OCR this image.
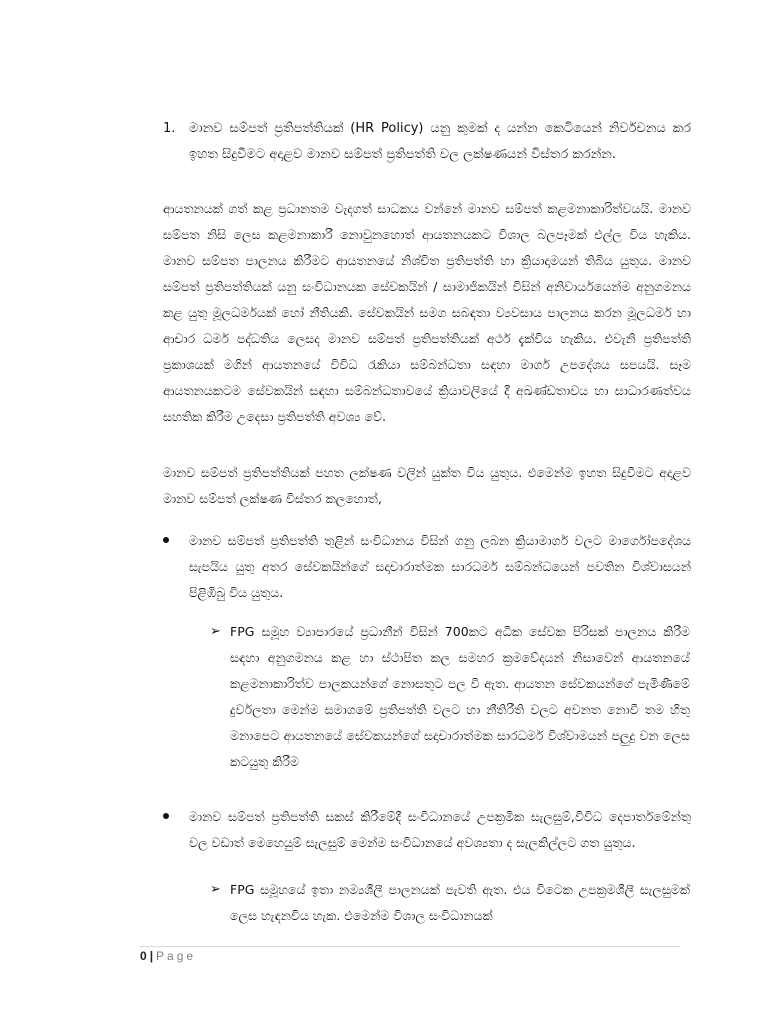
1. මානව සම්පත් ප්‍රතිපත්තියක් (HR Policy) යනු කුමක් ද යන්න කෙටියෙන් නිර්වචනය කර ඉහත සිදුවීමට අදාළව මානව සම්පත් ප්‍රතිපත්ති වල ලක්ෂණයන් විස්තර කරන්න.
ආයතනයක් ගත් කළ ප්‍රධානතම වැදගත් සාධකය වන්නේ මානව සම්පත් කළමනාකාරිත්වයයි. මානව සම්පත නිසි ලෙස කළමනාකාරී නොවුනහොත් ආයතනයකට විශාල බලපෑමක් එල්ල විය හැකිය. මානව සම්පත පාලනය කිරීමට ආයතනයේ නිශ්චිත ප්‍රතිපත්ති හා ක්‍රියාදාමයන් තිබිය යුතුය. මානව සම්පත් ප්‍රතිපත්තියක් යනු සංවිධානයක සේවකයින් / සාමාජිකයින් විසින් අනිවාර්යයෙන්ම අනුගමනය කළ යුතු මූලධර්මයක් හෝ නීතියකි. සේවකයින් සමග සබඳතා ව්‍යවසාය පාලනය කරන මූලධර්ම හා ආචාර ධර්ම පද්ධතිය ලෙසද මානව සම්පත් ප්‍රතිපත්තියක් අර්ථ දැක්විය හැකිය. එවැනි ප්‍රතිපත්ති ප්‍රකාශයක් මගින් ආයතනයේ විවිධ රැකියා සම්බන්ධතා සඳහා මාර්ග උපදේශය සපයයි. සෑම ආයතනයකටම සේවකයින් සඳහා සම්බන්ධතාවයේ ක්‍රියාවලියේ දී අඛණ්ඩතාවය හා සාධාරණත්වය සහතික කිරීම උදෙසා ප්‍රතිපත්ති අවශ්‍ය වේ.
මානව සම්පත් ප්‍රතිපත්තියක් පහත ලක්ෂණ වලින් යුක්ත විය යුතුය. එමෙන්ම ඉහත සිදුවීමට අදාළව මානව සම්පත් ලක්ෂණ විස්තර කලහොත්,
මානව සම්පත් ප්‍රතිපත්ති තුළින් සංවිධානය විසින් ගනු ලබන ක්‍රියාමාර්ග වලට මාර්ගෝපදේශය සැපයිය යුතු අතර සේවකයින්ගේ සදාචාරාත්මක සාරධර්ම සම්බන්ධයෙන් පවතින විශ්වාසයන් පිළිඹිබු විය යුතුය.
➢ FPG සමූහ ව්‍යාපාරයේ ප්‍රධානීන් විසින් 700කට අධික සේවක පිරිසක් පාලනය කිරීම සඳහා අනුගමනය කළ හා ස්ථාපිත කල සමහර ක්‍රමවේදයන් නිසාවෙන් ආයතනයේ කළමනාකාරිත්ව පාලකයන්ගේ නොසතුට පල වී ඇත. ආයතන සේවකයන්ගේ පැමිණීමේ දුර්වලතා මෙන්ම සමාගමේ ප්‍රතිපත්ති වලට හා නීතිරීති වලට අවනත නොවී තම හිතු මනාපෙට ආයතනයේ සේවකයන්ගේ සදාචාරාත්මක සාරධර්ම විශ්වාමයන් පලුදු වන ලෙස කටයුතු කිරීම
මානව සම්පත් ප්‍රතිපත්ති සකස් කිරීමේදී සංවිධානයේ උපක්‍රමික සැලසුම්,විවිධ දෙපාර්තමේන්තු වල වඩාත් මෙහෙයුම් සැලසුම් මෙන්ම සංවිධානයේ අවශ්‍යතා ද සැලකිල්ලට ගත යුතුය.
➢ FPG සමූහයේ ඉතා නම්‍යශීලී පාලනයක් පැවති ඇත. එය විටෙක උපක්‍රමශීලී සැලසුමක් ලෙස හැඳනවිය හැක. එමෙන්ම විශාල සංවිධානයක්
0 | Page
